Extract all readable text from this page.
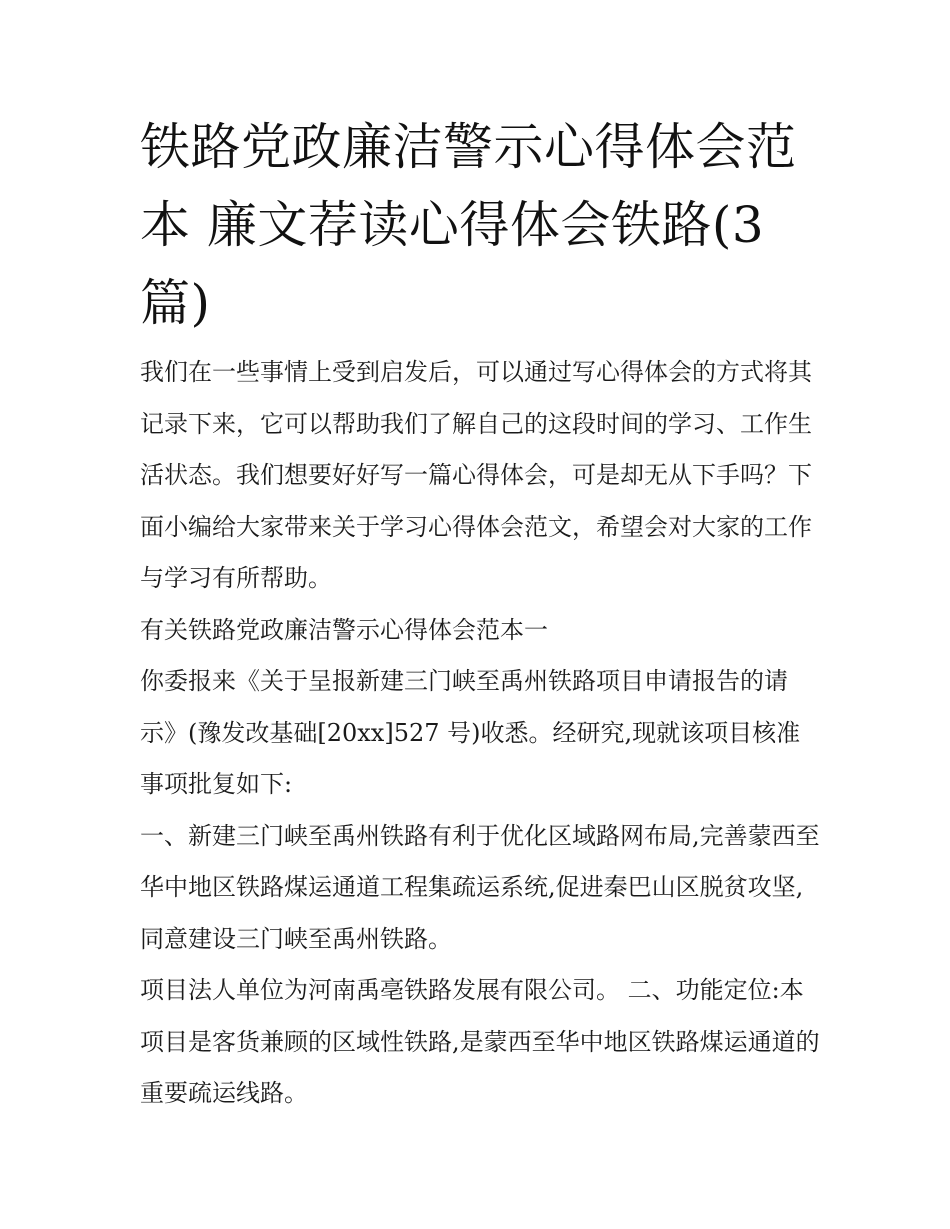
铁路党政廉洁警示心得体会范本 廉文荐读心得体会铁路(3篇)

我们在一些事情上受到启发后，可以通过写心得体会的方式将其记录下来，它可以帮助我们了解自己的这段时间的学习、工作生活状态。我们想要好好写一篇心得体会，可是却无从下手吗？下面小编给大家带来关于学习心得体会范文，希望会对大家的工作与学习有所帮助。

有关铁路党政廉洁警示心得体会范本一

你委报来《关于呈报新建三门峡至禹州铁路项目申请报告的请示》(豫发改基础[20xx]527 号)收悉。经研究,现就该项目核准事项批复如下:

一、新建三门峡至禹州铁路有利于优化区域路网布局,完善蒙西至华中地区铁路煤运通道工程集疏运系统,促进秦巴山区脱贫攻坚,同意建设三门峡至禹州铁路。

项目法人单位为河南禹亳铁路发展有限公司。 二、功能定位:本项目是客货兼顾的区域性铁路,是蒙西至华中地区铁路煤运通道的重要疏运线路。
